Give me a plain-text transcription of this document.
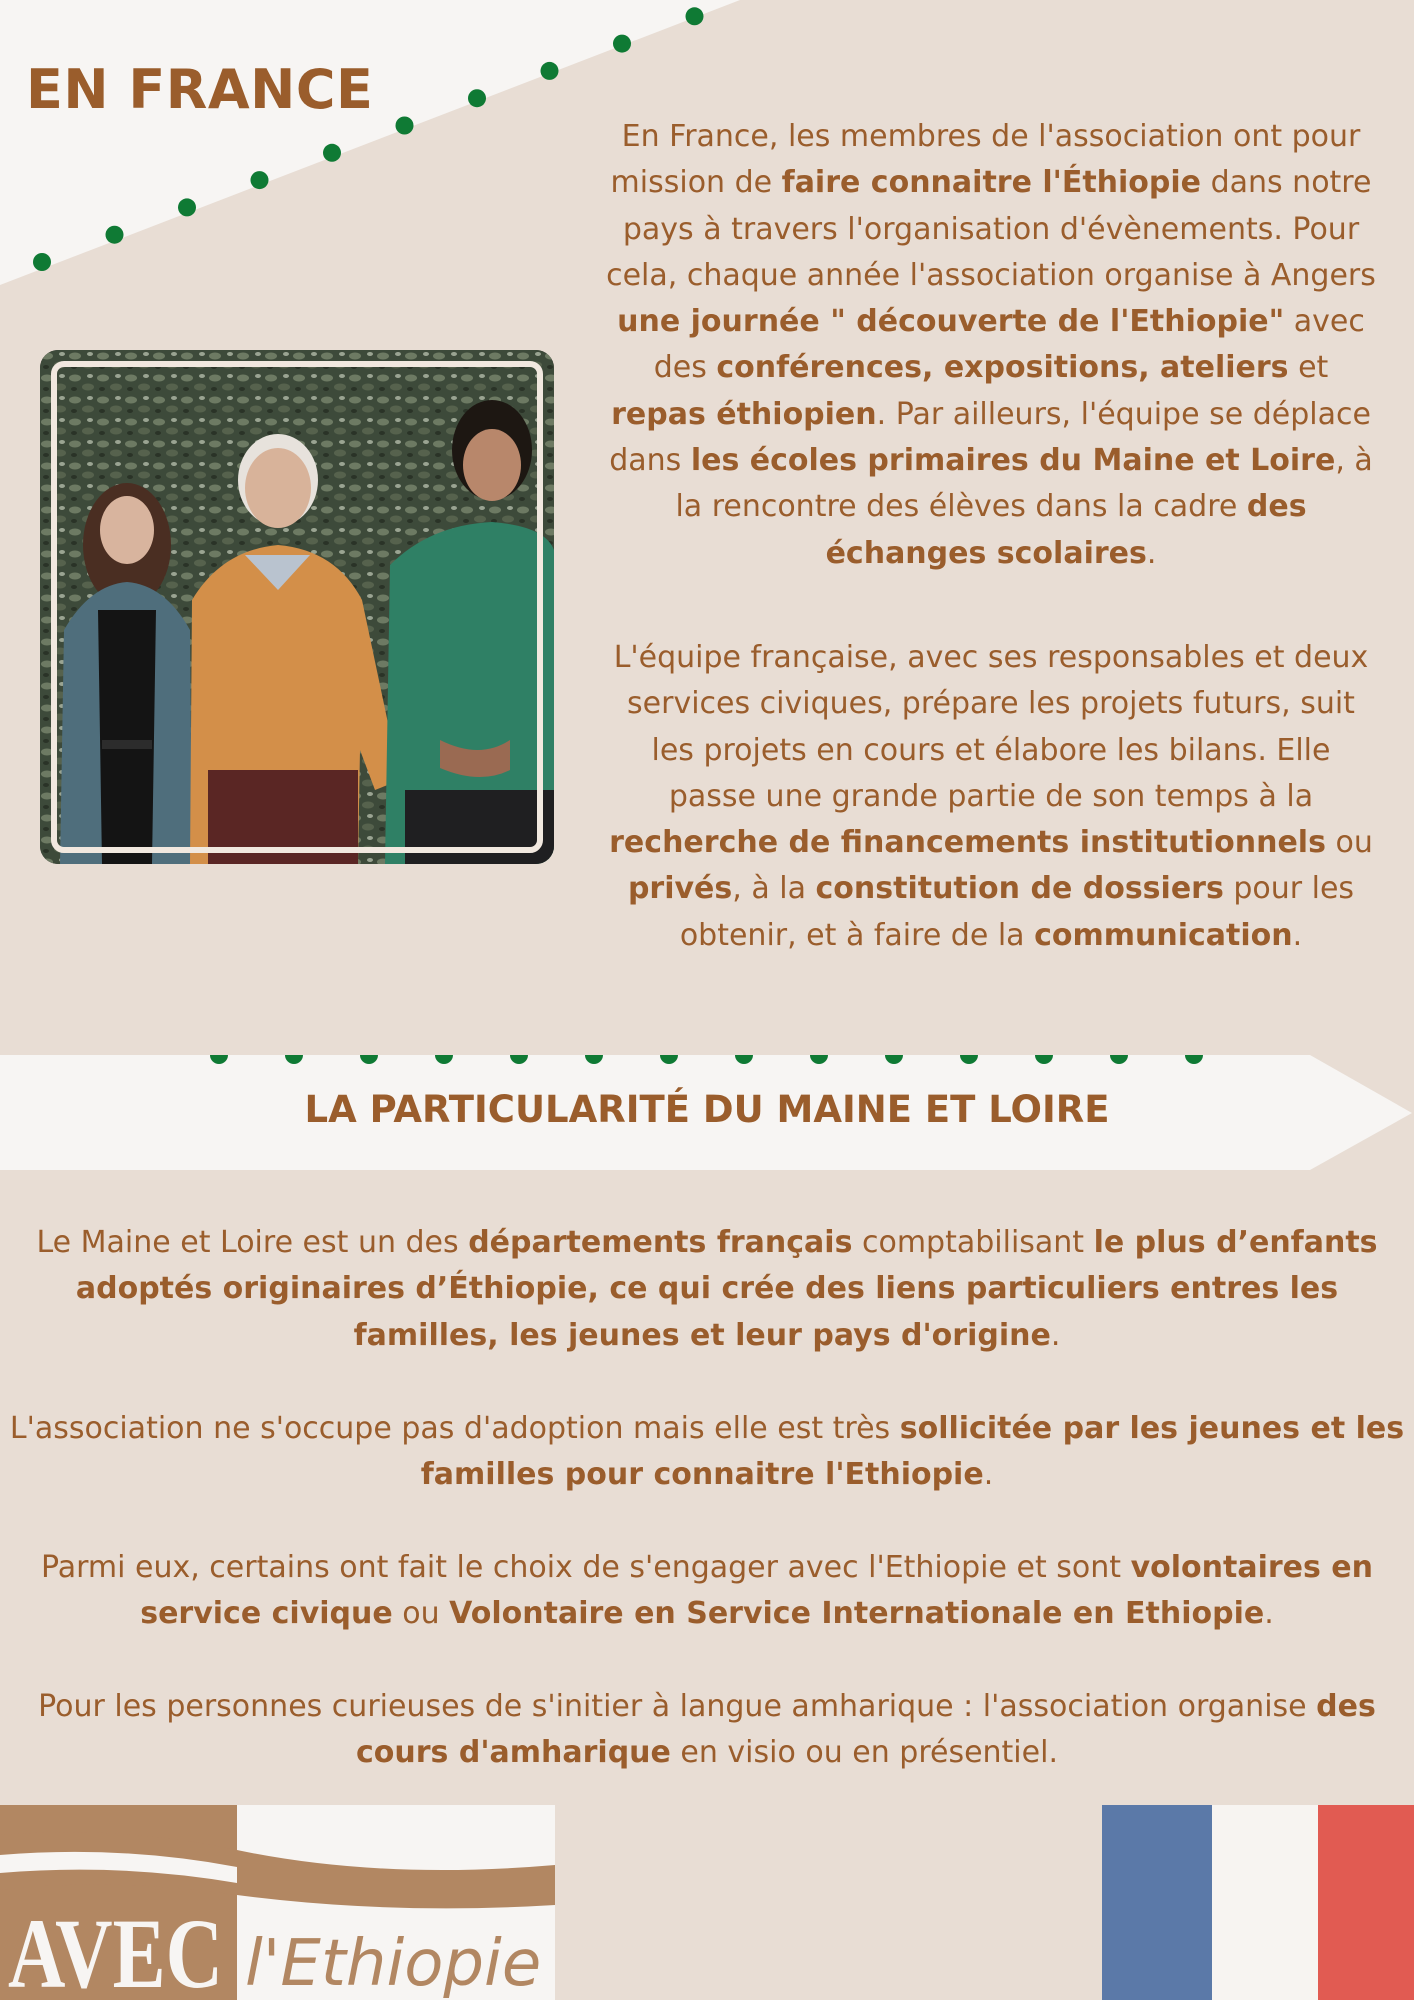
EN FRANCE

En France, les membres de l'association ont pour mission de faire connaitre l'Éthiopie dans notre pays à travers l'organisation d'évènements. Pour cela, chaque année l'association organise à Angers une journée " découverte de l'Ethiopie" avec des conférences, expositions, ateliers et repas éthiopien. Par ailleurs, l'équipe se déplace dans les écoles primaires du Maine et Loire, à la rencontre des élèves dans la cadre des échanges scolaires.

L'équipe française, avec ses responsables et deux services civiques, prépare les projets futurs, suit les projets en cours et élabore les bilans. Elle passe une grande partie de son temps à la recherche de financements institutionnels ou privés, à la constitution de dossiers pour les obtenir, et à faire de la communication.

LA PARTICULARITÉ DU MAINE ET LOIRE

Le Maine et Loire est un des départements français comptabilisant le plus d’enfants adoptés originaires d’Éthiopie, ce qui crée des liens particuliers entres les familles, les jeunes et leur pays d'origine.

L'association ne s'occupe pas d'adoption mais elle est très sollicitée par les jeunes et les familles pour connaitre l'Ethiopie.

Parmi eux, certains ont fait le choix de s'engager avec l'Ethiopie et sont volontaires en service civique ou Volontaire en Service Internationale en Ethiopie.

Pour les personnes curieuses de s'initier à langue amharique : l'association organise des cours d'amharique en visio ou en présentiel.

AVEC l'Ethiopie
